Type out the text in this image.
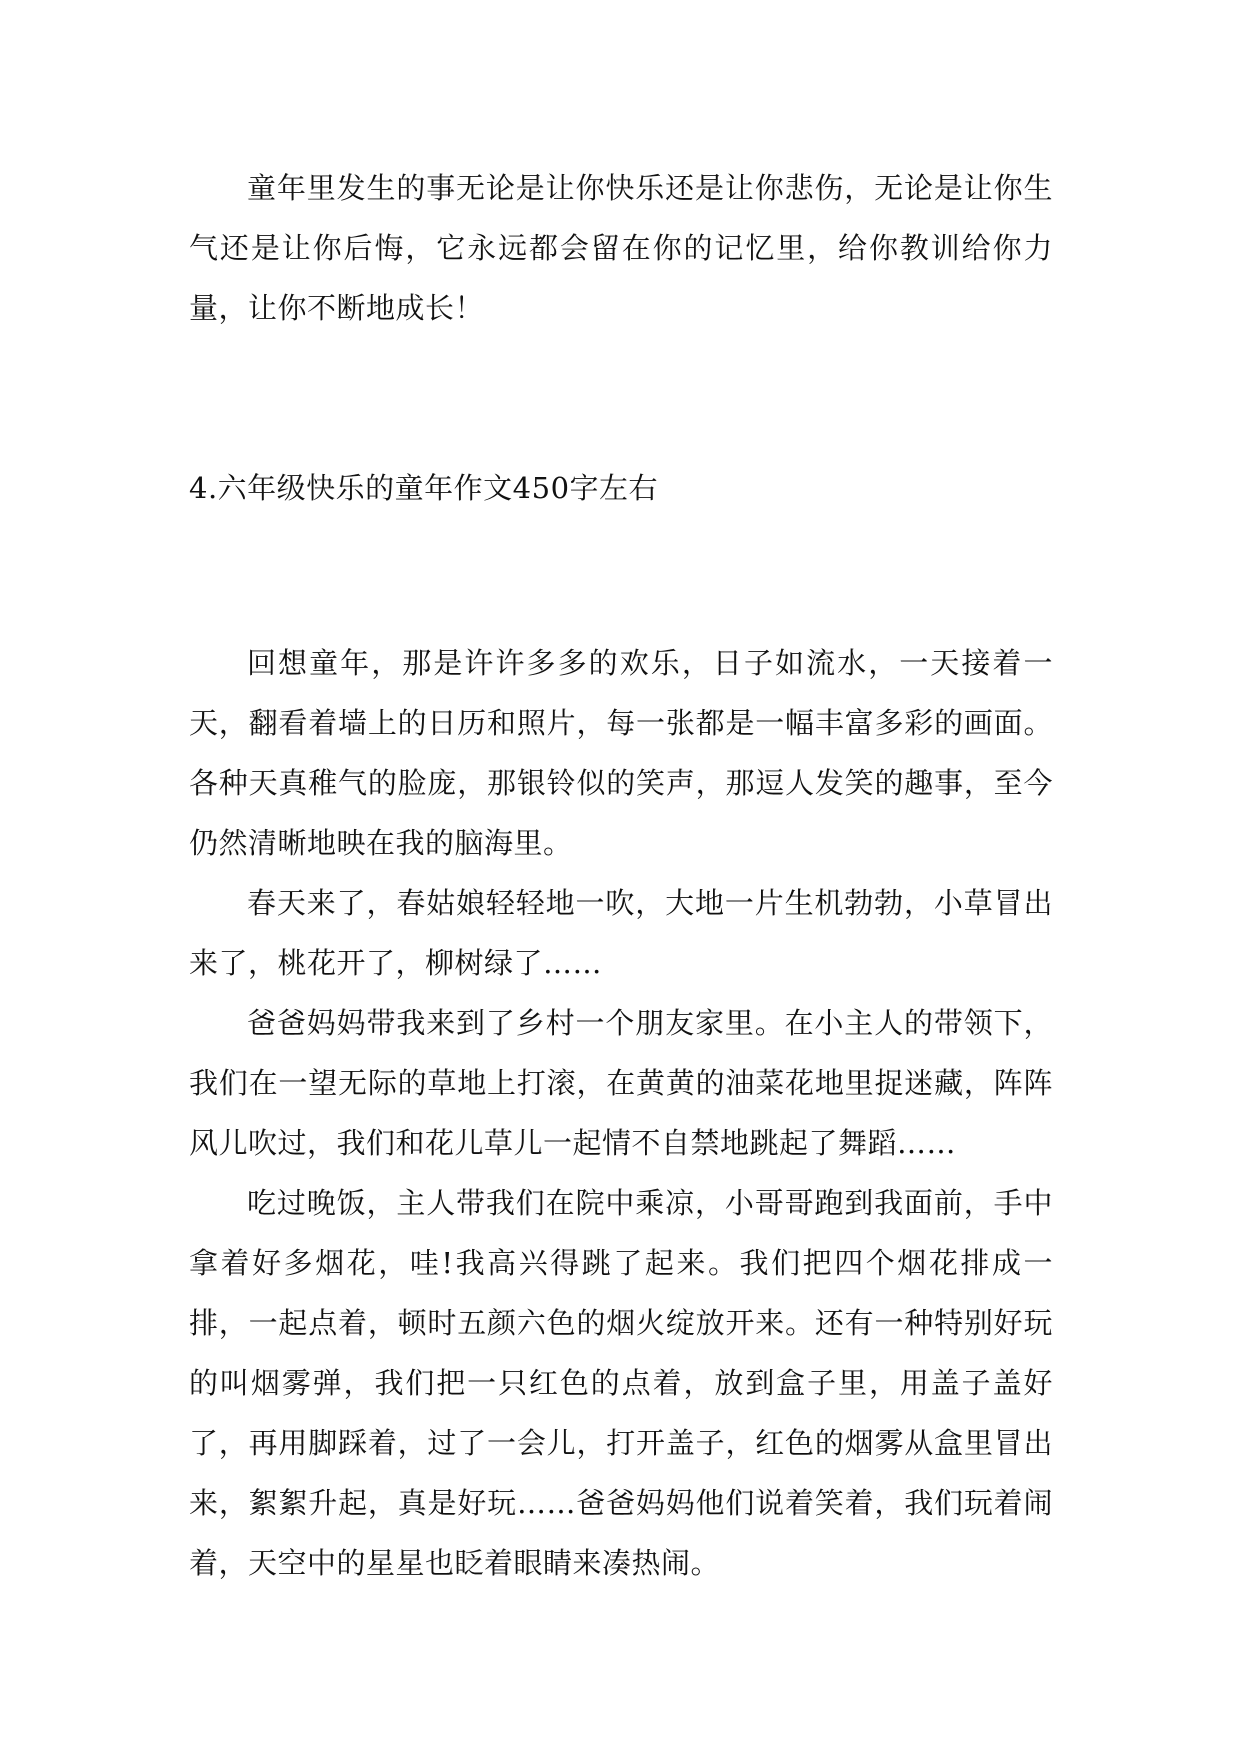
童年里发生的事无论是让你快乐还是让你悲伤，无论是让你生气还是让你后悔，它永远都会留在你的记忆里，给你教训给你力量，让你不断地成长！

4.六年级快乐的童年作文450字左右

回想童年，那是许许多多的欢乐，日子如流水，一天接着一天，翻看着墙上的日历和照片，每一张都是一幅丰富多彩的画面。各种天真稚气的脸庞，那银铃似的笑声，那逗人发笑的趣事，至今仍然清晰地映在我的脑海里。

春天来了，春姑娘轻轻地一吹，大地一片生机勃勃，小草冒出来了，桃花开了，柳树绿了……

爸爸妈妈带我来到了乡村一个朋友家里。在小主人的带领下，我们在一望无际的草地上打滚，在黄黄的油菜花地里捉迷藏，阵阵风儿吹过，我们和花儿草儿一起情不自禁地跳起了舞蹈……

吃过晚饭，主人带我们在院中乘凉，小哥哥跑到我面前，手中拿着好多烟花，哇!我高兴得跳了起来。我们把四个烟花排成一排，一起点着，顿时五颜六色的烟火绽放开来。还有一种特别好玩的叫烟雾弹，我们把一只红色的点着，放到盒子里，用盖子盖好了，再用脚踩着，过了一会儿，打开盖子，红色的烟雾从盒里冒出来，絮絮升起，真是好玩……爸爸妈妈他们说着笑着，我们玩着闹着，天空中的星星也眨着眼睛来凑热闹。
